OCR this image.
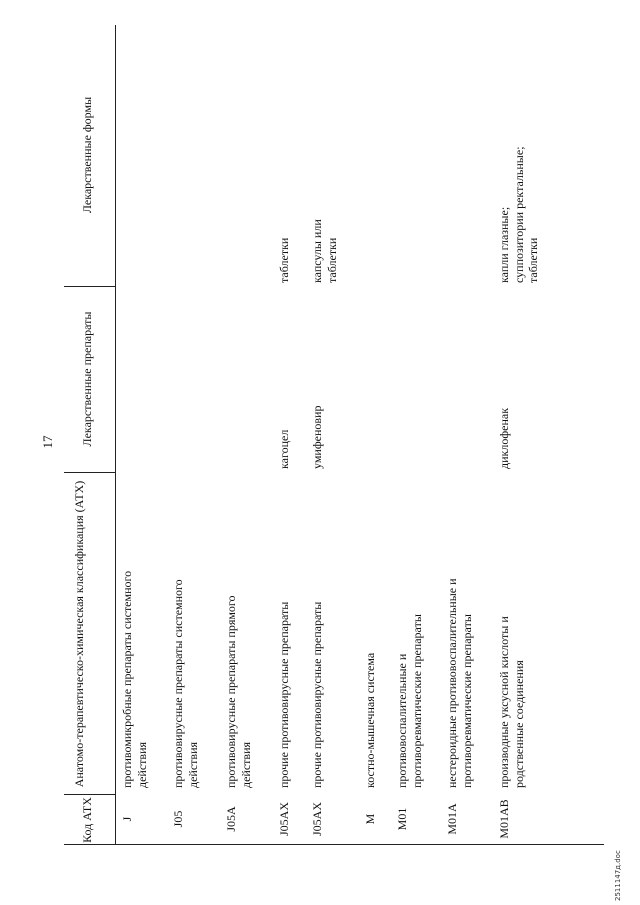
17
2511147д.doc
Код АТХ
Анатомо-терапевтическо-химическая классификация (АТХ)
Лекарственные препараты
Лекарственные формы
J
противомикробные препараты системного действия
J05
противовирусные препараты системного действия
J05A
противовирусные препараты прямого действия
J05AX
прочие противовирусные препараты
кагоцел
таблетки
J05AX
прочие противовирусные препараты
умифеновир
капсулы или таблетки
M
костно-мышечная система
M01
противовоспалительные и противоревматические препараты
M01A
нестероидные противовоспалительные и противоревматические препараты
M01AB
производные уксусной кислоты и родственные соединения
диклофенак
капли глазные; суппозитории ректальные; таблетки
